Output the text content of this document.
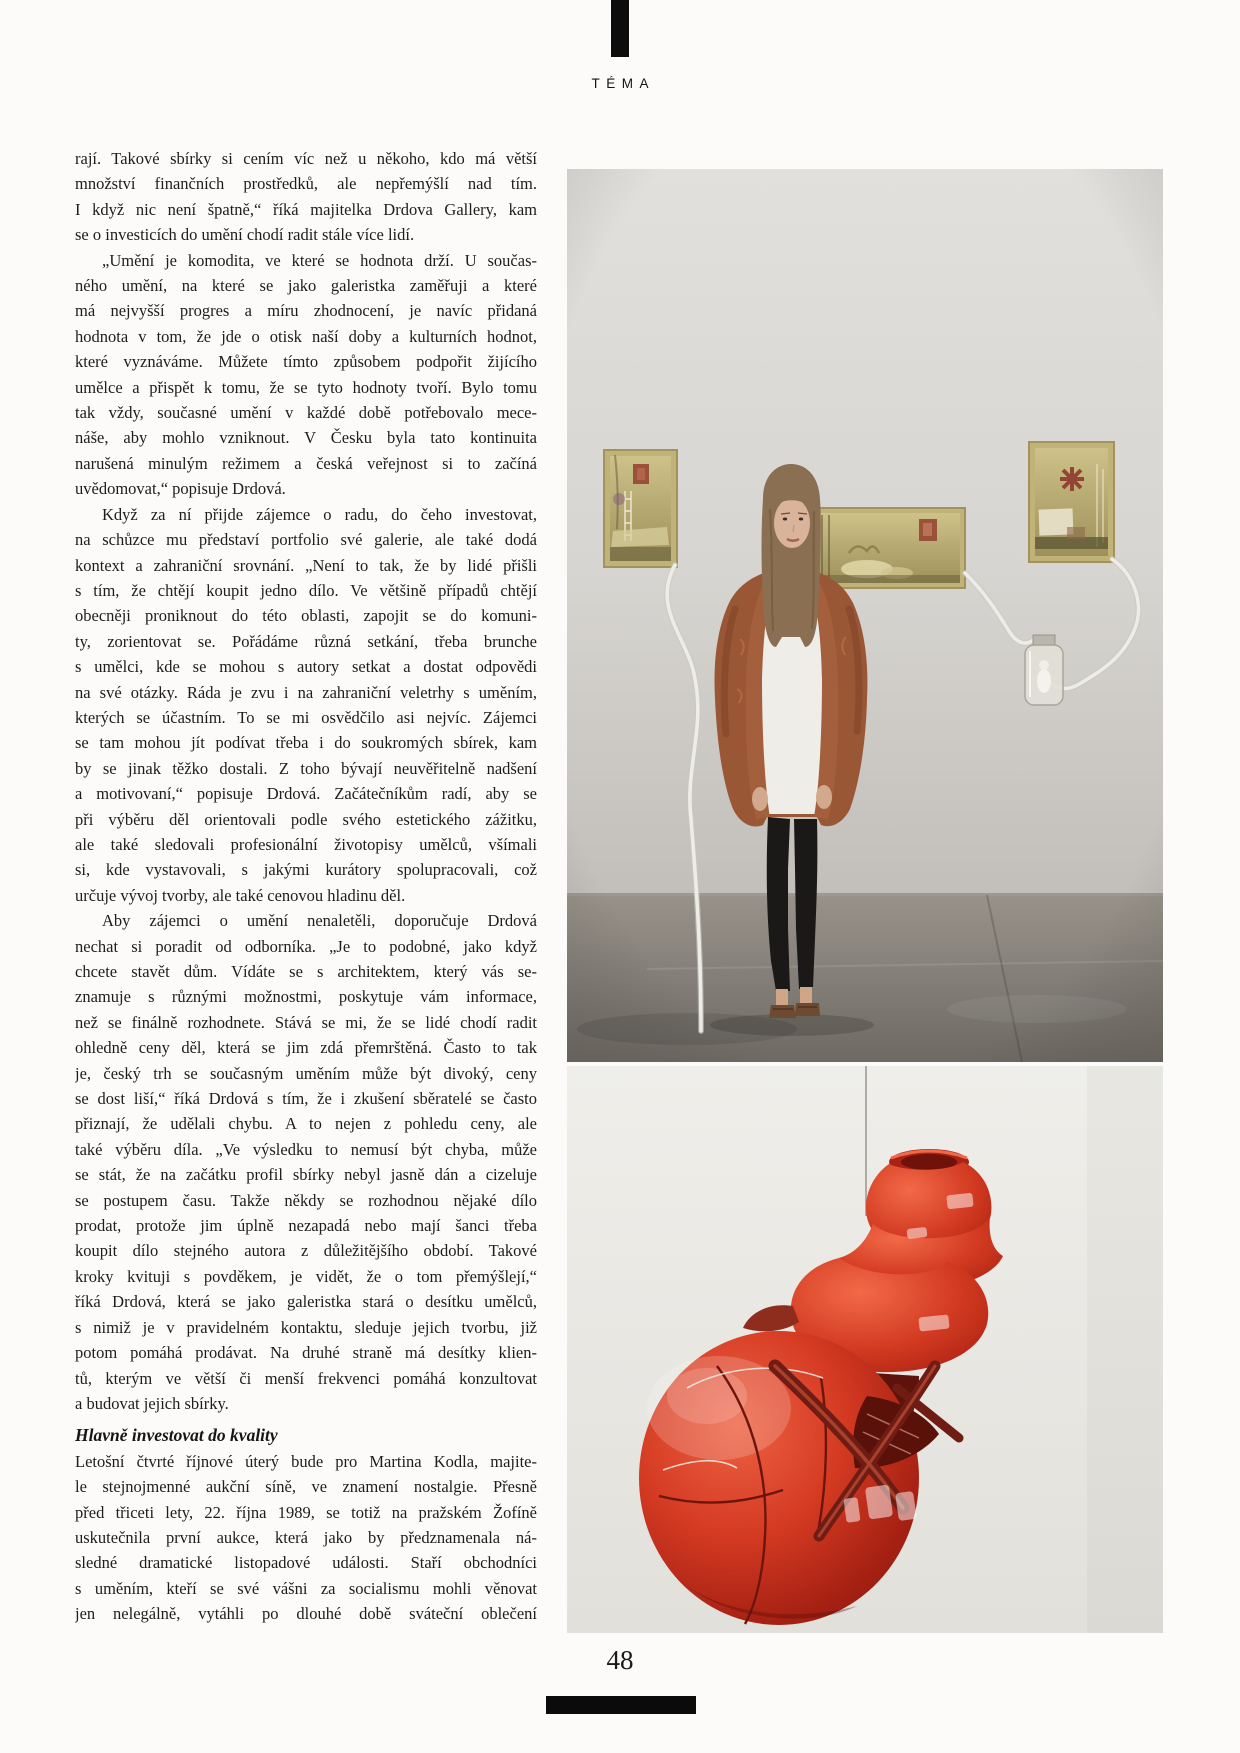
TÉMA
rají. Takové sbírky si cením víc než u někoho, kdo má větší
množství finančních prostředků, ale nepřemýšlí nad tím.
I když nic není špatně,“ říká majitelka Drdova Gallery, kam
se o investicích do umění chodí radit stále více lidí.
„Umění je komodita, ve které se hodnota drží. U součas-
ného umění, na které se jako galeristka zaměřuji a které
má nejvyšší progres a míru zhodnocení, je navíc přidaná
hodnota v tom, že jde o otisk naší doby a kulturních hodnot,
které vyznáváme. Můžete tímto způsobem podpořit žijícího
umělce a přispět k tomu, že se tyto hodnoty tvoří. Bylo tomu
tak vždy, současné umění v každé době potřebovalo mece-
náše, aby mohlo vzniknout. V Česku byla tato kontinuita
narušená minulým režimem a česká veřejnost si to začíná
uvědomovat,“ popisuje Drdová.
Když za ní přijde zájemce o radu, do čeho investovat,
na schůzce mu představí portfolio své galerie, ale také dodá
kontext a zahraniční srovnání. „Není to tak, že by lidé přišli
s tím, že chtějí koupit jedno dílo. Ve většině případů chtějí
obecněji proniknout do této oblasti, zapojit se do komuni-
ty, zorientovat se. Pořádáme různá setkání, třeba brunche
s umělci, kde se mohou s autory setkat a dostat odpovědi
na své otázky. Ráda je zvu i na zahraniční veletrhy s uměním,
kterých se účastním. To se mi osvědčilo asi nejvíc. Zájemci
se tam mohou jít podívat třeba i do soukromých sbírek, kam
by se jinak těžko dostali. Z toho bývají neuvěřitelně nadšení
a motivovaní,“ popisuje Drdová. Začátečníkům radí, aby se
při výběru děl orientovali podle svého estetického zážitku,
ale také sledovali profesionální životopisy umělců, všímali
si, kde vystavovali, s jakými kurátory spolupracovali, což
určuje vývoj tvorby, ale také cenovou hladinu děl.
Aby zájemci o umění nenaletěli, doporučuje Drdová
nechat si poradit od odborníka. „Je to podobné, jako když
chcete stavět dům. Vídáte se s architektem, který vás se-
znamuje s různými možnostmi, poskytuje vám informace,
než se finálně rozhodnete. Stává se mi, že se lidé chodí radit
ohledně ceny děl, která se jim zdá přemrštěná. Často to tak
je, český trh se současným uměním může být divoký, ceny
se dost liší,“ říká Drdová s tím, že i zkušení sběratelé se často
přiznají, že udělali chybu. A to nejen z pohledu ceny, ale
také výběru díla. „Ve výsledku to nemusí být chyba, může
se stát, že na začátku profil sbírky nebyl jasně dán a cizeluje
se postupem času. Takže někdy se rozhodnou nějaké dílo
prodat, protože jim úplně nezapadá nebo mají šanci třeba
koupit dílo stejného autora z důležitějšího období. Takové
kroky kvituji s povděkem, je vidět, že o tom přemýšlejí,“
říká Drdová, která se jako galeristka stará o desítku umělců,
s nimiž je v pravidelném kontaktu, sleduje jejich tvorbu, již
potom pomáhá prodávat. Na druhé straně má desítky klien-
tů, kterým ve větší či menší frekvenci pomáhá konzultovat
a budovat jejich sbírky.
Hlavně investovat do kvality
Letošní čtvrté říjnové úterý bude pro Martina Kodla, majite-
le stejnojmenné aukční síně, ve znamení nostalgie. Přesně
před třiceti lety, 22. října 1989, se totiž na pražském Žofíně
uskutečnila první aukce, která jako by předznamenala ná-
sledné dramatické listopadové události. Staří obchodníci
s uměním, kteří se své vášni za socialismu mohli věnovat
jen nelegálně, vytáhli po dlouhé době sváteční oblečení
48
